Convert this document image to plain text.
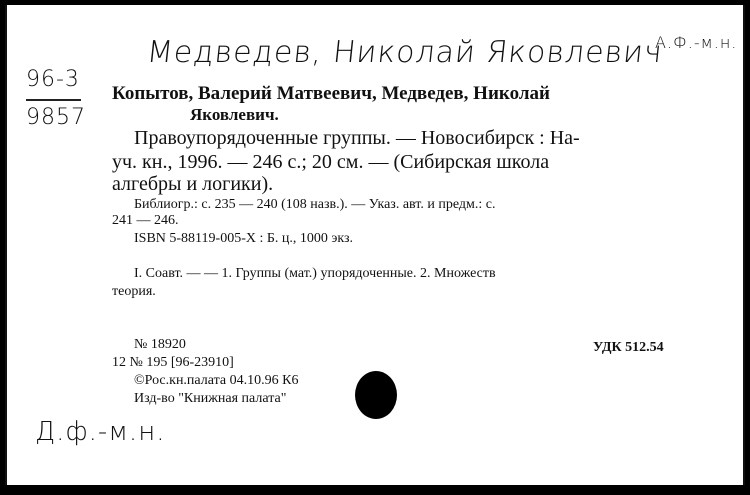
Медведев, Николай Яковлевич
А.Ф.-м.н.
96-3
9857
Копытов, Валерий Матвеевич, Медведев, Николай
Яковлевич.
Правоупорядоченные группы. — Новосибирск : На-
уч. кн., 1996. — 246 с.; 20 см. — (Сибирская школа
алгебры и логики).
Библиогр.: с. 235 — 240 (108 назв.). — Указ. авт. и предм.: с.
241 — 246.
ISBN 5-88119-005-X : Б. ц., 1000 экз.
I. Соавт. — — 1. Группы (мат.) упорядоченные. 2. Множеств
теория.
№ 18920	УДК 512.54
12 № 195 [96-23910]
©Рос.кн.палата 04.10.96 К6
Изд-во "Книжная палата"
Д.ф.-м.н.
